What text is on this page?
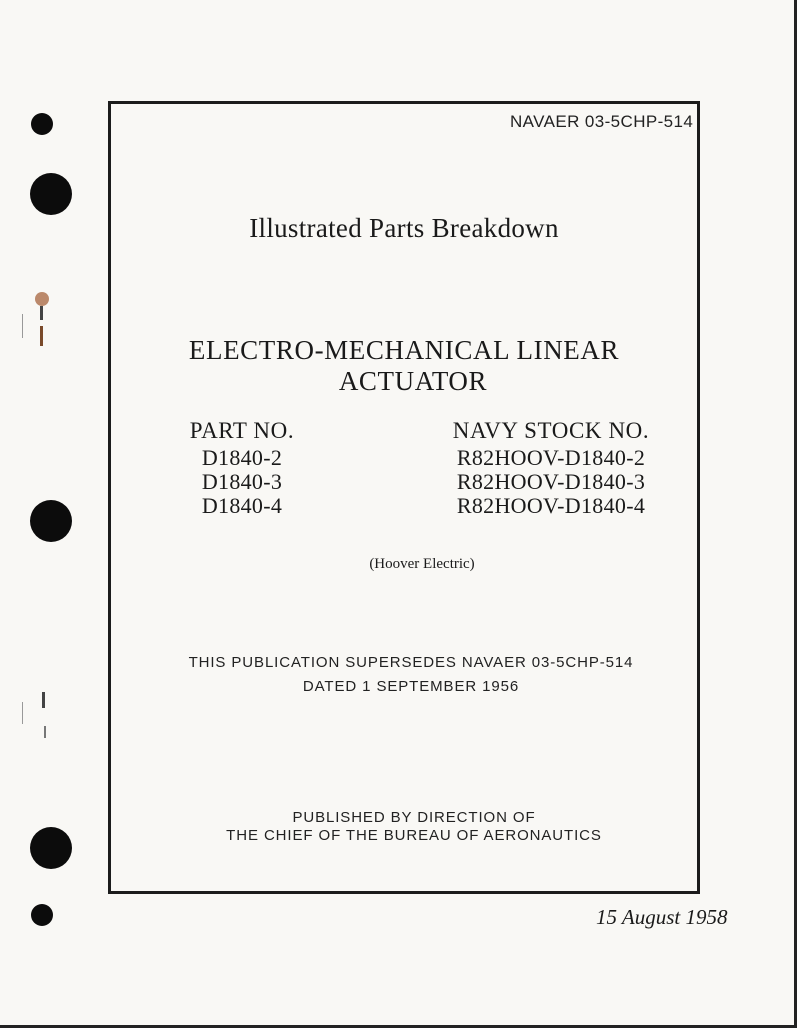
NAVAER 03-5CHP-514
Illustrated Parts Breakdown
ELECTRO-MECHANICAL LINEAR
ACTUATOR
PART NO.
D1840-2
D1840-3
D1840-4
NAVY STOCK NO.
R82HOOV-D1840-2
R82HOOV-D1840-3
R82HOOV-D1840-4
(Hoover Electric)
THIS PUBLICATION SUPERSEDES NAVAER 03-5CHP-514
DATED 1 SEPTEMBER 1956
PUBLISHED BY DIRECTION OF
THE CHIEF OF THE BUREAU OF AERONAUTICS
15 August 1958
